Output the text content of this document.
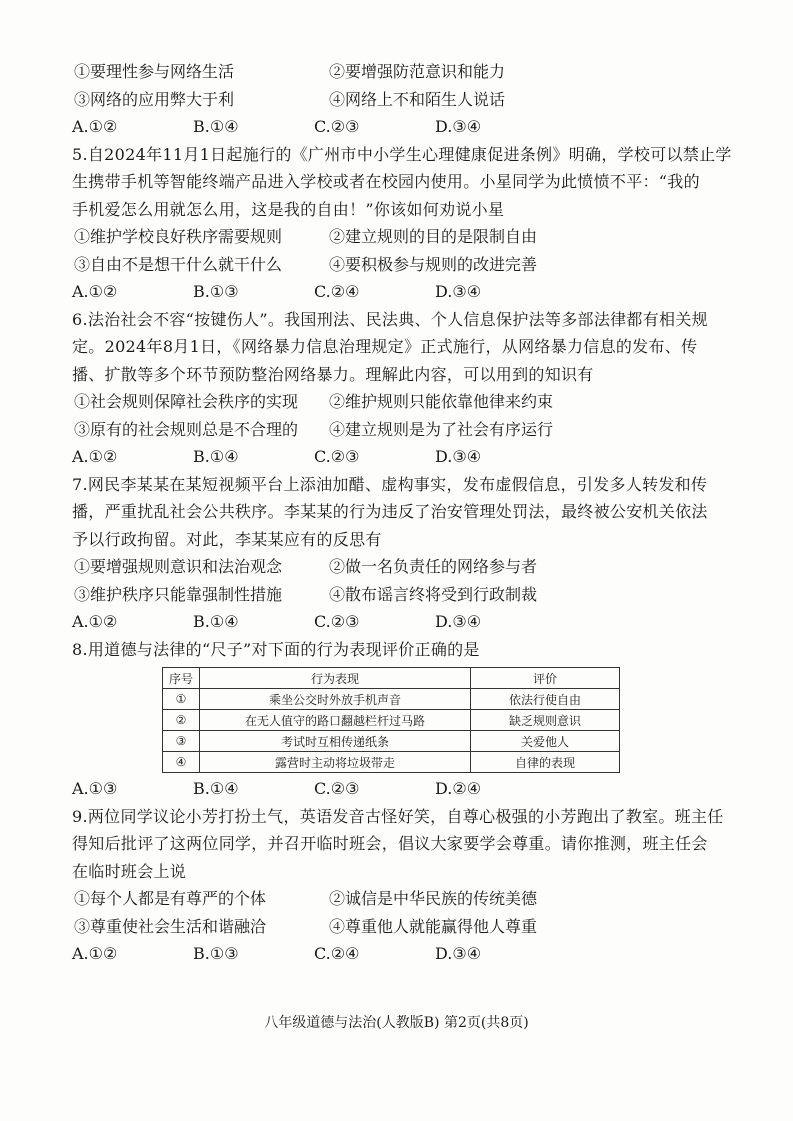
①要理性参与网络生活	②要增强防范意识和能力
③网络的应用弊大于利	④网络上不和陌生人说话
A.①②	B.①④	C.②③	D.③④
5.自2024年11月1日起施行的《广州市中小学生心理健康促进条例》明确，学校可以禁止学
生携带手机等智能终端产品进入学校或者在校园内使用。小星同学为此愤愤不平：“我的
手机爱怎么用就怎么用，这是我的自由！”你该如何劝说小星
①维护学校良好秩序需要规则	②建立规则的目的是限制自由
③自由不是想干什么就干什么	④要积极参与规则的改进完善
A.①②	B.①③	C.②④	D.③④
6.法治社会不容“按键伤人”。我国刑法、民法典、个人信息保护法等多部法律都有相关规
定。2024年8月1日，《网络暴力信息治理规定》正式施行，从网络暴力信息的发布、传
播、扩散等多个环节预防整治网络暴力。理解此内容，可以用到的知识有
①社会规则保障社会秩序的实现	②维护规则只能依靠他律来约束
③原有的社会规则总是不合理的	④建立规则是为了社会有序运行
A.①②	B.①④	C.②③	D.③④
7.网民李某某在某短视频平台上添油加醋、虚构事实，发布虚假信息，引发多人转发和传
播，严重扰乱社会公共秩序。李某某的行为违反了治安管理处罚法，最终被公安机关依法
予以行政拘留。对此，李某某应有的反思有
①要增强规则意识和法治观念	②做一名负责任的网络参与者
③维护秩序只能靠强制性措施	④散布谣言终将受到行政制裁
A.①②	B.①④	C.②③	D.③④
8.用道德与法律的“尺子”对下面的行为表现评价正确的是
序号	行为表现	评价
①	乘坐公交时外放手机声音	依法行使自由
②	在无人值守的路口翻越栏杆过马路	缺乏规则意识
③	考试时互相传递纸条	关爱他人
④	露营时主动将垃圾带走	自律的表现
A.①③	B.①④	C.②③	D.②④
9.两位同学议论小芳打扮土气，英语发音古怪好笑，自尊心极强的小芳跑出了教室。班主任
得知后批评了这两位同学，并召开临时班会，倡议大家要学会尊重。请你推测，班主任会
在临时班会上说
①每个人都是有尊严的个体	②诚信是中华民族的传统美德
③尊重使社会生活和谐融洽	④尊重他人就能赢得他人尊重
A.①②	B.①③	C.②④	D.③④
八年级道德与法治(人教版B) 第2页(共8页)
